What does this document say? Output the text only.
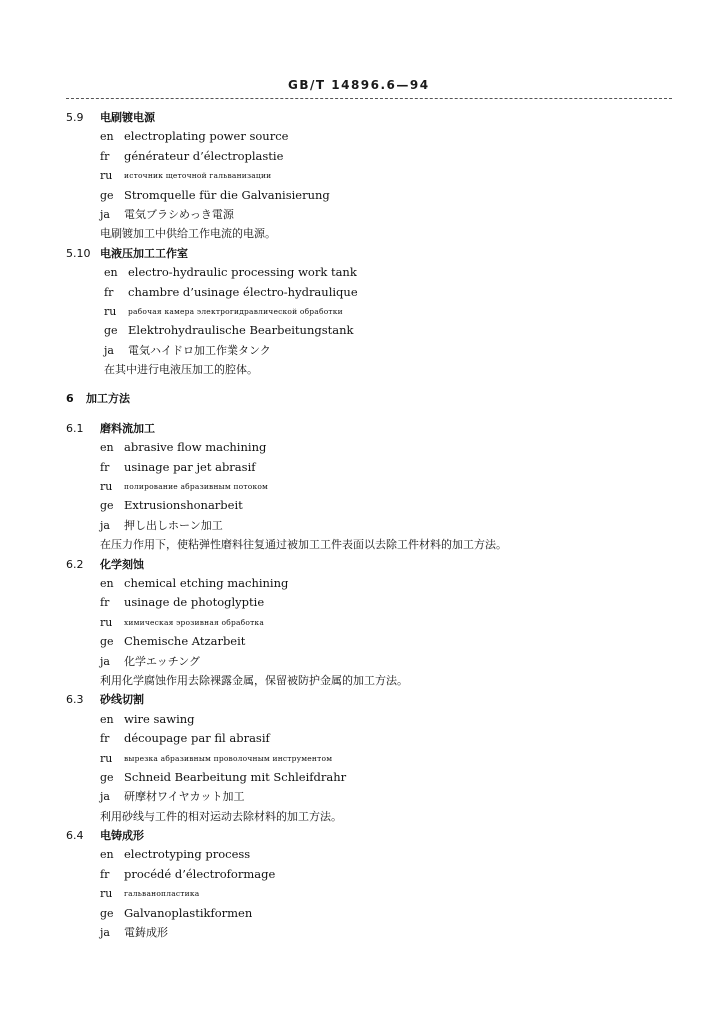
GB/T 14896.6—94
5.9 电刷镀电源
en electroplating power source
fr	générateur d’électroplastie
ru	источник щеточной гальванизации
ge Stromquelle für die Galvanisierung
ja	電気ブラシめっき電源
电刷镀加工中供给工作电流的电源。
5.10 电液压加工工作室
en electro-hydraulic processing work tank
fr	chambre d’usinage électro-hydraulique
ru	рабочая камера электрогидравлической обработки
ge Elektrohydraulische Bearbeitungstank
ja	電気ハイドロ加工作業タンク
在其中进行电液压加工的腔体。
6 加工方法
6.1 磨料流加工
en abrasive flow machining
fr	usinage par jet abrasif
ru	полирование абразивным потоком
ge Extrusionshonarbeit
ja	押し出しホーン加工
在压力作用下，使粘弹性磨料往复通过被加工工件表面以去除工件材料的加工方法。
6.2 化学刻蚀
en chemical etching machining
fr	usinage de photoglyptie
ru	химическая эрозивная обработка
ge Chemische Atzarbeit
ja	化学エッチング
利用化学腐蚀作用去除裸露金属，保留被防护金属的加工方法。
6.3 砂线切割
en wire sawing
fr	découpage par fil abrasif
ru	вырезка абразивным проволочным инструментом
ge Schneid Bearbeitung mit Schleifdrahr
ja	研摩材ワイヤカット加工
利用砂线与工件的相对运动去除材料的加工方法。
6.4 电铸成形
en electrotyping process
fr	procédé d’électroformage
ru	гальванопластика
ge Galvanoplastikformen
ja	電鋳成形
